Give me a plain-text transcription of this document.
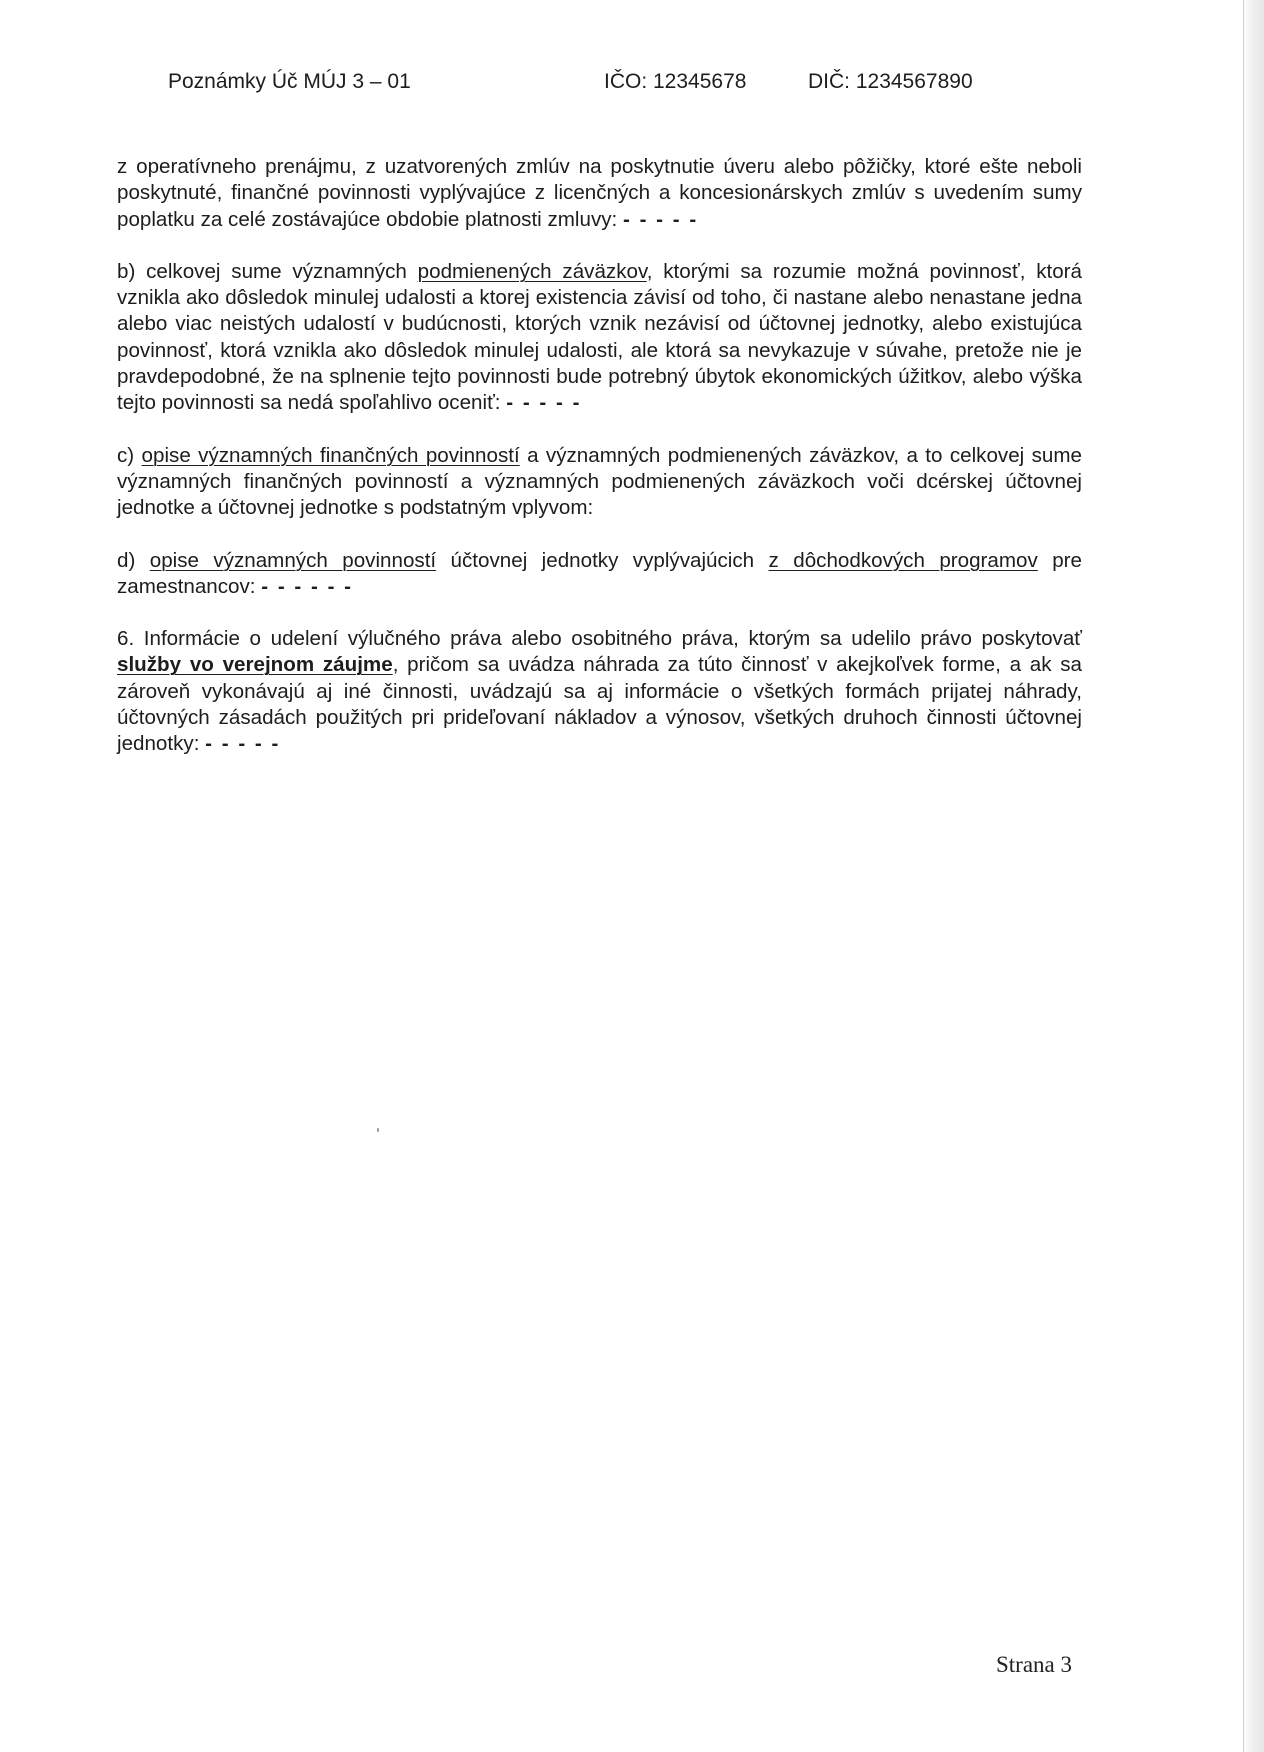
Poznámky Úč MÚJ 3 – 01	IČO: 12345678	DIČ: 1234567890

z operatívneho prenájmu, z uzatvorených zmlúv na poskytnutie úveru alebo pôžičky, ktoré ešte neboli poskytnuté, finančné povinnosti vyplývajúce z licenčných a koncesionárskych zmlúv s uvedením sumy poplatku za celé zostávajúce obdobie platnosti zmluvy: - - - - -

b) celkovej sume významných podmienených záväzkov, ktorými sa rozumie možná povinnosť, ktorá vznikla ako dôsledok minulej udalosti a ktorej existencia závisí od toho, či nastane alebo nenastane jedna alebo viac neistých udalostí v budúcnosti, ktorých vznik nezávisí od účtovnej jednotky, alebo existujúca povinnosť, ktorá vznikla ako dôsledok minulej udalosti, ale ktorá sa nevykazuje v súvahe, pretože nie je pravdepodobné, že na splnenie tejto povinnosti bude potrebný úbytok ekonomických úžitkov, alebo výška tejto povinnosti sa nedá spoľahlivo oceniť: - - - - -

c) opise významných finančných povinností a významných podmienených záväzkov, a to celkovej sume významných finančných povinností a významných podmienených záväzkoch voči dcérskej účtovnej jednotke a účtovnej jednotke s podstatným vplyvom:

d) opise významných povinností účtovnej jednotky vyplývajúcich z dôchodkových programov pre zamestnancov: - - - - - -

6. Informácie o udelení výlučného práva alebo osobitného práva, ktorým sa udelilo právo poskytovať služby vo verejnom záujme, pričom sa uvádza náhrada za túto činnosť v akejkoľvek forme, a ak sa zároveň vykonávajú aj iné činnosti, uvádzajú sa aj informácie o všetkých formách prijatej náhrady, účtovných zásadách použitých pri prideľovaní nákladov a výnosov, všetkých druhoch činnosti účtovnej jednotky: - - - - -

Strana 3
